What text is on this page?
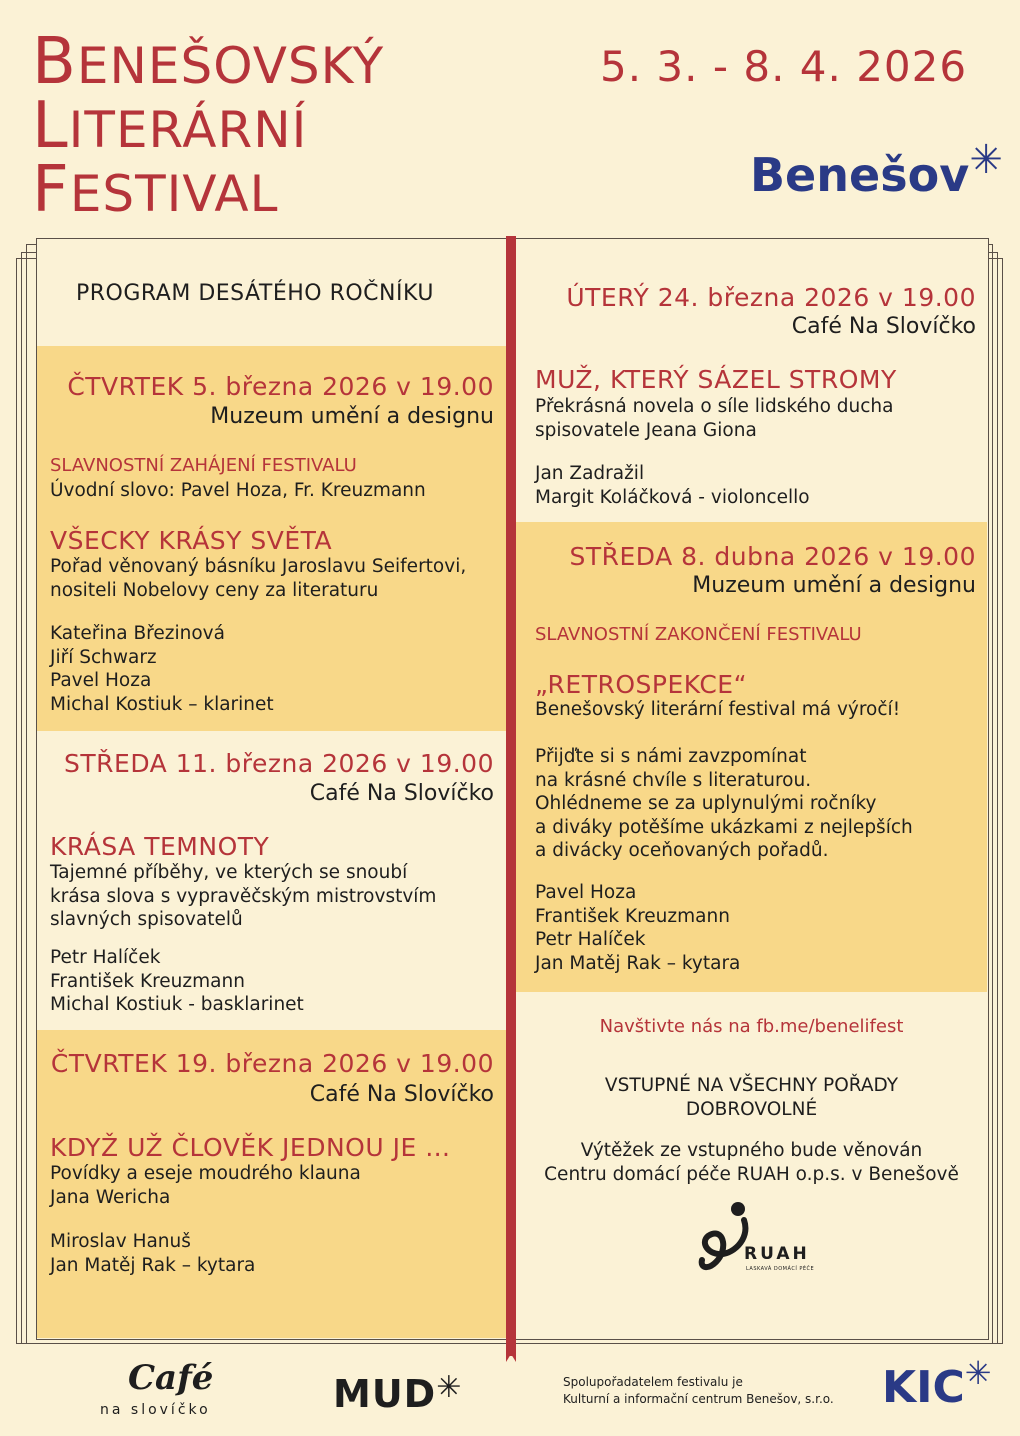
BENEŠOVSKÝ
LITERÁRNÍ
FESTIVAL
5. 3. - 8. 4. 2026
Benešov✳
PROGRAM DESÁTÉHO ROČNÍKU
ČTVRTEK 5. března 2026 v 19.00
Muzeum umění a designu
SLAVNOSTNÍ ZAHÁJENÍ FESTIVALU
Úvodní slovo: Pavel Hoza, Fr. Kreuzmann
VŠECKY KRÁSY SVĚTA
Pořad věnovaný básníku Jaroslavu Seifertovi,
nositeli Nobelovy ceny za literaturu
Kateřina Březinová
Jiří Schwarz
Pavel Hoza
Michal Kostiuk – klarinet
STŘEDA 11. března 2026 v 19.00
Café Na Slovíčko
KRÁSA TEMNOTY
Tajemné příběhy, ve kterých se snoubí
krása slova s vypravěčským mistrovstvím
slavných spisovatelů
Petr Halíček
František Kreuzmann
Michal Kostiuk - basklarinet
ČTVRTEK 19. března 2026 v 19.00
Café Na Slovíčko
KDYŽ UŽ ČLOVĚK JEDNOU JE …
Povídky a eseje moudrého klauna
Jana Wericha
Miroslav Hanuš
Jan Matěj Rak – kytara
ÚTERÝ 24. března 2026 v 19.00
Café Na Slovíčko
MUŽ, KTERÝ SÁZEL STROMY
Překrásná novela o síle lidského ducha
spisovatele Jeana Giona
Jan Zadražil
Margit Koláčková - violoncello
STŘEDA 8. dubna 2026 v 19.00
Muzeum umění a designu
SLAVNOSTNÍ ZAKONČENÍ FESTIVALU
„RETROSPEKCE“
Benešovský literární festival má výročí!
Přijďte si s námi zavzpomínat
na krásné chvíle s literaturou.
Ohlédneme se za uplynulými ročníky
a diváky potěšíme ukázkami z nejlepších
a divácky oceňovaných pořadů.
Pavel Hoza
František Kreuzmann
Petr Halíček
Jan Matěj Rak – kytara
Navštivte nás na fb.me/benelifest
VSTUPNÉ NA VŠECHNY POŘADY
DOBROVOLNÉ
Výtěžek ze vstupného bude věnován
Centru domácí péče RUAH o.p.s. v Benešově
RUAH
LASKAVÁ DOMÁCÍ PÉČE
Café
na slovíčko	MUD✳	Spolupořadatelem festivalu je
Kulturní a informační centrum Benešov, s.r.o. KIC✳
